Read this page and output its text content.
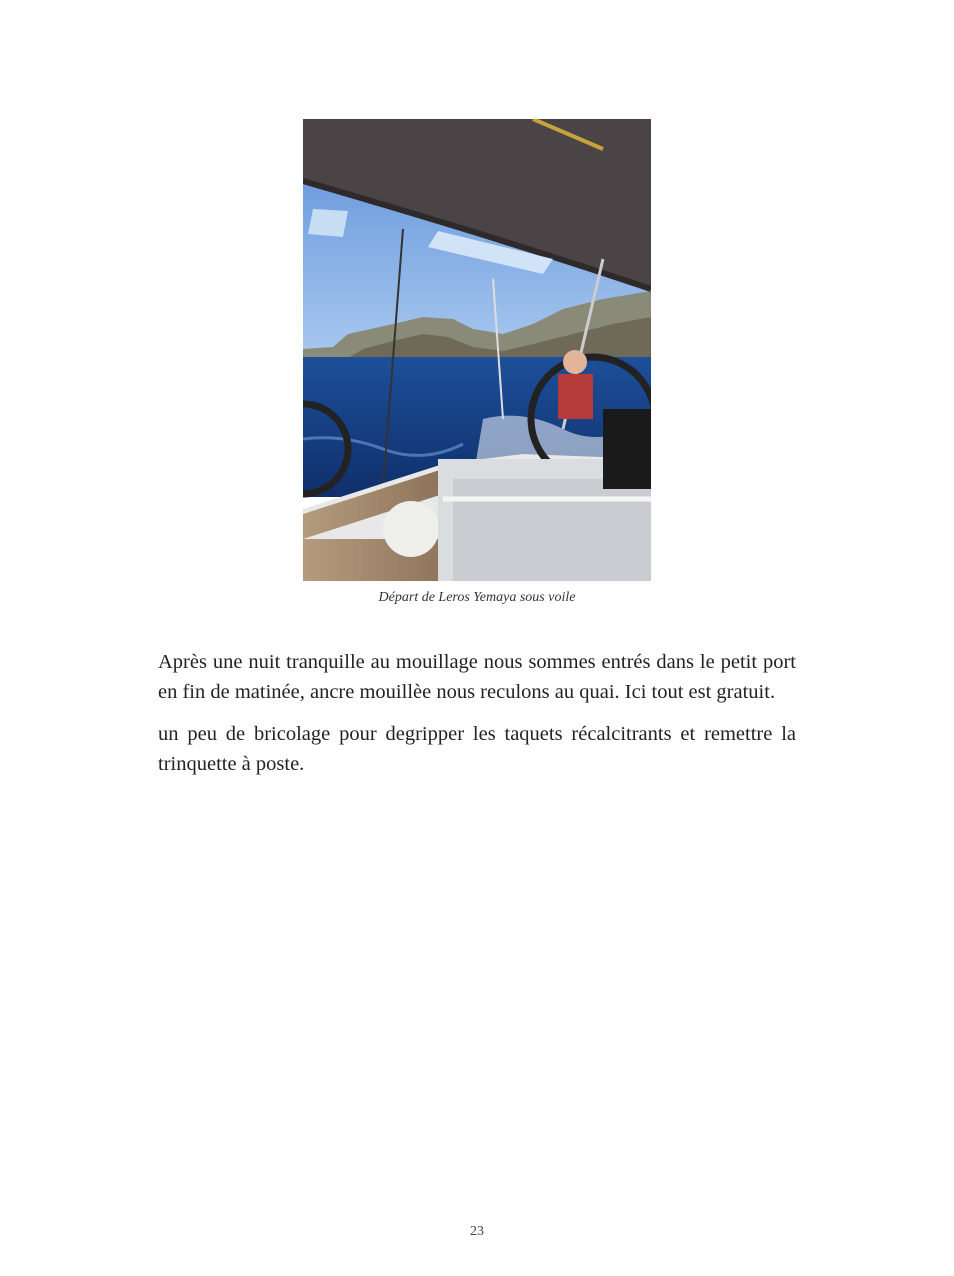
Départ de Leros Yemaya sous voile

Après une nuit tranquille au mouillage nous sommes entrés dans le petit port en fin de matinée, ancre mouillèe nous reculons au quai. Ici tout est gratuit.

un peu de bricolage pour degripper les taquets récalcitrants et remettre la trinquette à poste.

23
